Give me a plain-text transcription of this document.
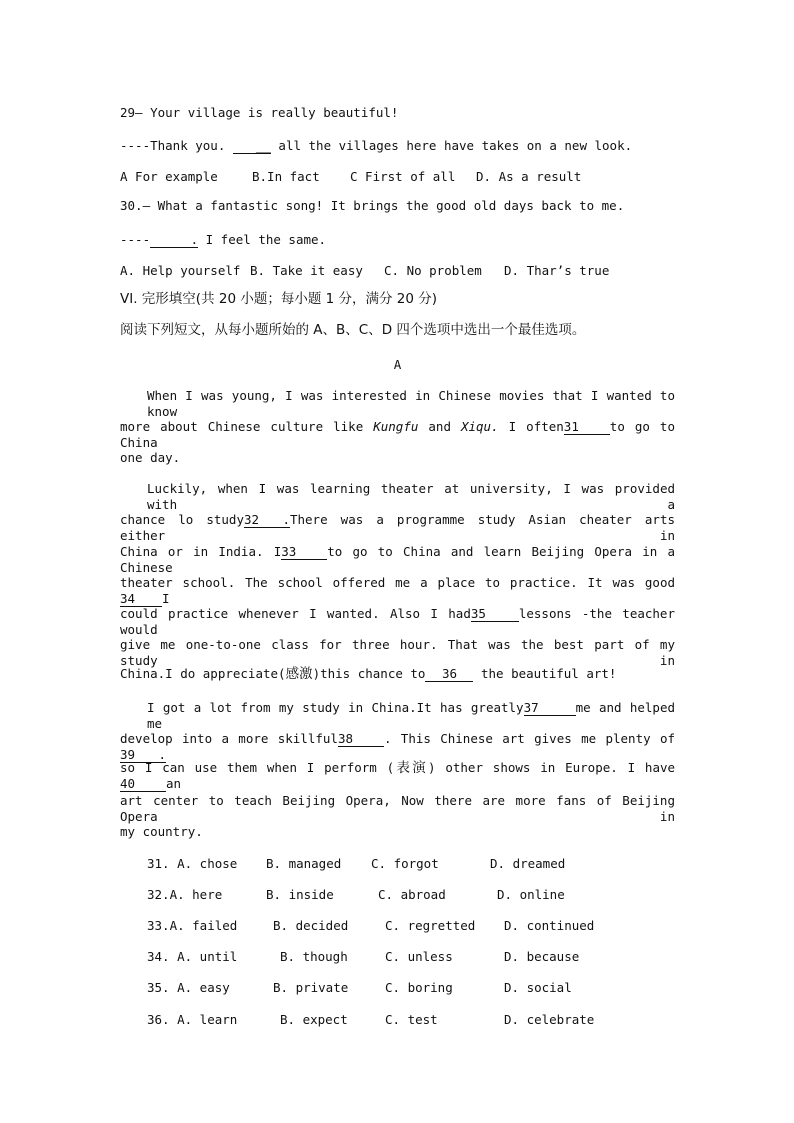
29— Your village is really beautiful!
----Thank you. __ all the villages here have takes on a new look.
A For example	B.In fact C First of all D. As a result
30.— What a fantastic song! It brings the good old days back to me.
----	. I feel the same.
A. Help yourself B. Take it easy C. No problem D. Thar’s true
VI. 完形填空(共 20 小题；每小题 1 分，满分 20 分)
阅读下列短文，从每小题所始的 A、B、C、D 四个选项中选出一个最佳选项。
A
When I was young, I was interested in Chinese movies that I wanted to know
more about Chinese culture like Kungfu and Xiqu. I often31 to go to China
one day.
Luckily, when I was learning theater at university, I was provided with a
chance lo study32 .There was a programme study Asian cheater arts either in
China or in India. I33 to go to China and learn Beijing Opera in a Chinese
theater school. The school offered me a place to practice. It was good34 I
could practice whenever I wanted. Also I had35	lessons -the teacher would
give me one-to-one class for three hour. That was the best part of my study in
China.I do appreciate(感激)this chance to 36 the beautiful art!
I got a lot from my study in China.It has greatly37	me and helped me
develop into a more skillful38 . This Chinese art gives me plenty of39 .
so I can use them when I perform (表演) other shows in Europe. I have40 an
art center to teach Beijing Opera, Now there are more fans of Beijing Opera in
my country.
31. A. chose B. managed C. forgot	D. dreamed
32.A. here	B. inside	C. abroad	D. online
33.A. failed	B. decided	C. regretted D. continued
34. A. until	B. though	C. unless	D. because
35. A. easy	B. private	C. boring	D. social
36. A. learn	B. expect	C. test	D. celebrate
